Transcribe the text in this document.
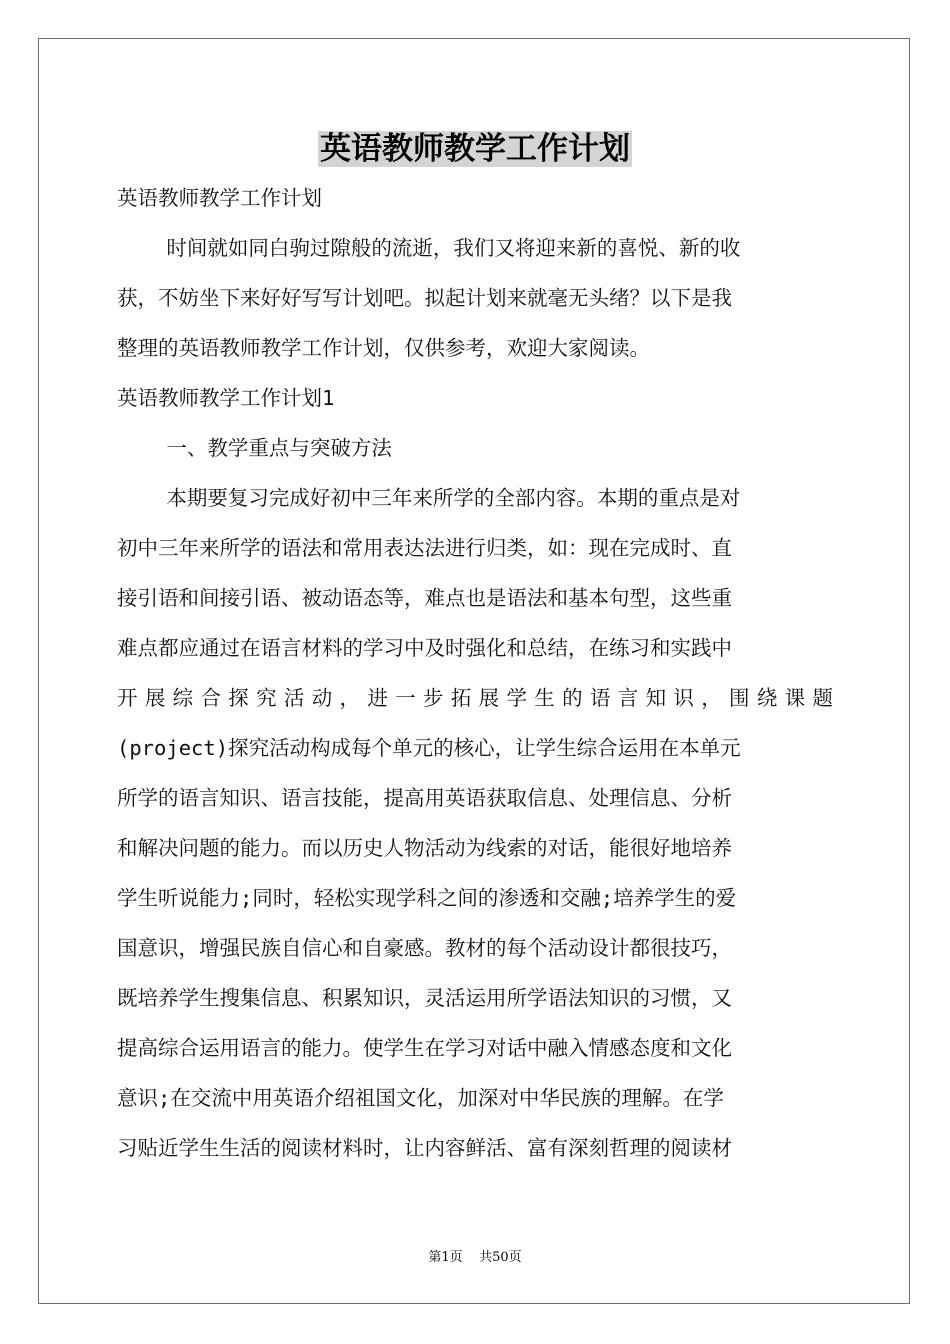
英语教师教学工作计划
英语教师教学工作计划
时间就如同白驹过隙般的流逝，我们又将迎来新的喜悦、新的收
获，不妨坐下来好好写写计划吧。拟起计划来就毫无头绪？以下是我
整理的英语教师教学工作计划，仅供参考，欢迎大家阅读。
英语教师教学工作计划1
一、教学重点与突破方法
本期要复习完成好初中三年来所学的全部内容。本期的重点是对
初中三年来所学的语法和常用表达法进行归类，如：现在完成时、直
接引语和间接引语、被动语态等，难点也是语法和基本句型，这些重
难点都应通过在语言材料的学习中及时强化和总结，在练习和实践中
开展综合探究活动，进一步拓展学生的语言知识，围绕课题
(project)探究活动构成每个单元的核心，让学生综合运用在本单元
所学的语言知识、语言技能，提高用英语获取信息、处理信息、分析
和解决问题的能力。而以历史人物活动为线索的对话，能很好地培养
学生听说能力;同时，轻松实现学科之间的渗透和交融;培养学生的爱
国意识，增强民族自信心和自豪感。教材的每个活动设计都很技巧，
既培养学生搜集信息、积累知识，灵活运用所学语法知识的习惯，又
提高综合运用语言的能力。使学生在学习对话中融入情感态度和文化
意识;在交流中用英语介绍祖国文化，加深对中华民族的理解。在学
习贴近学生生活的阅读材料时，让内容鲜活、富有深刻哲理的阅读材
第1页    共50页
